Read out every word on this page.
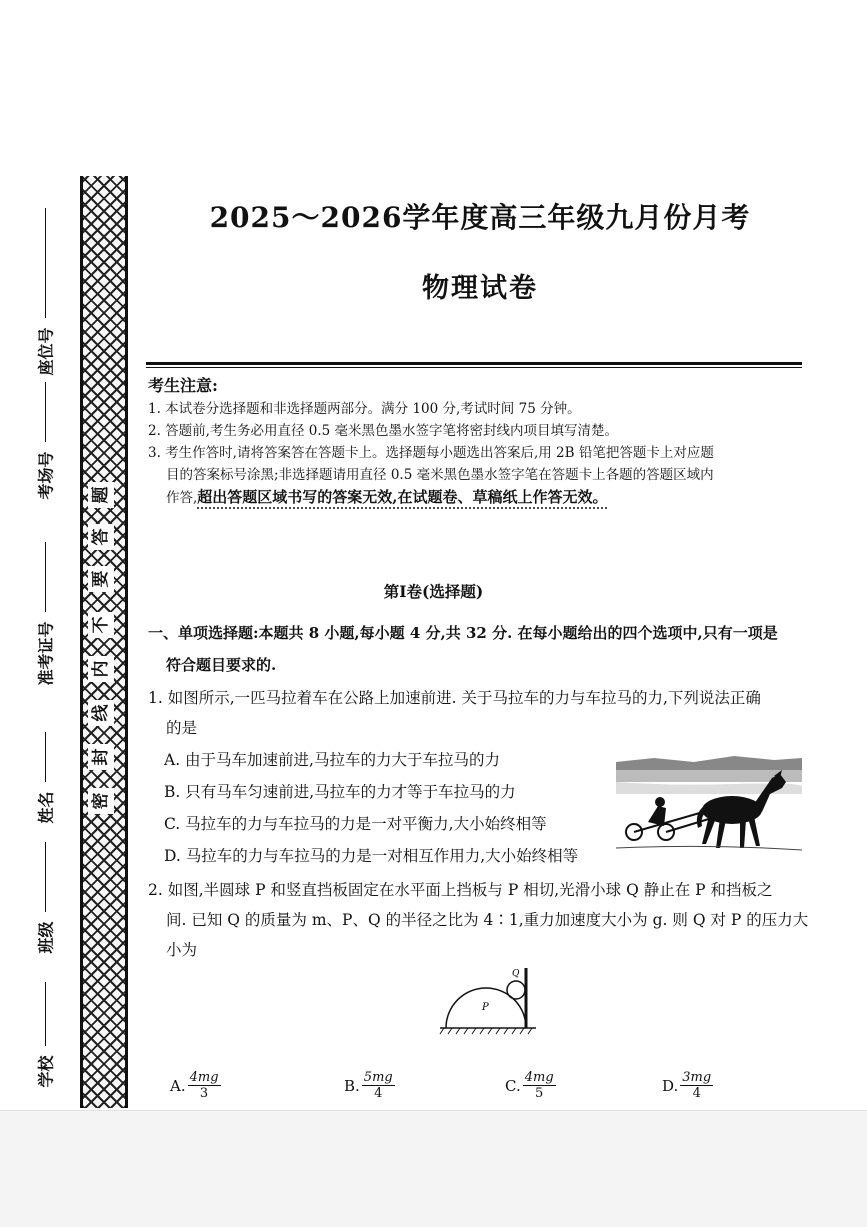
题
答
要
不
内
线
封
密
座位号
考场号
准考证号
姓名
班级
学校
2025～2026学年度高三年级九月份月考
物理试卷
考生注意:
1. 本试卷分选择题和非选择题两部分。满分 100 分,考试时间 75 分钟。
2. 答题前,考生务必用直径 0.5 毫米黑色墨水签字笔将密封线内项目填写清楚。
3. 考生作答时,请将答案答在答题卡上。选择题每小题选出答案后,用 2B 铅笔把答题卡上对应题
目的答案标号涂黑;非选择题请用直径 0.5 毫米黑色墨水签字笔在答题卡上各题的答题区域内
作答,超出答题区域书写的答案无效,在试题卷、草稿纸上作答无效。
第Ⅰ卷(选择题)
一、单项选择题:本题共 8 小题,每小题 4 分,共 32 分. 在每小题给出的四个选项中,只有一项是
符合题目要求的.
1. 如图所示,一匹马拉着车在公路上加速前进. 关于马拉车的力与车拉马的力,下列说法正确
的是
A. 由于马车加速前进,马拉车的力大于车拉马的力
B. 只有马车匀速前进,马拉车的力才等于车拉马的力
C. 马拉车的力与车拉马的力是一对平衡力,大小始终相等
D. 马拉车的力与车拉马的力是一对相互作用力,大小始终相等
2. 如图,半圆球 P 和竖直挡板固定在水平面上挡板与 P 相切,光滑小球 Q 静止在 P 和挡板之
间. 已知 Q 的质量为 m、P、Q 的半径之比为 4∶1,重力加速度大小为 g. 则 Q 对 P 的压力大
小为
P
Q
A. $\frac{4mg}{3}$	B. $\frac{5mg}{4}$	C. $\frac{4mg}{5}$	D. $\frac{3mg}{4}$
